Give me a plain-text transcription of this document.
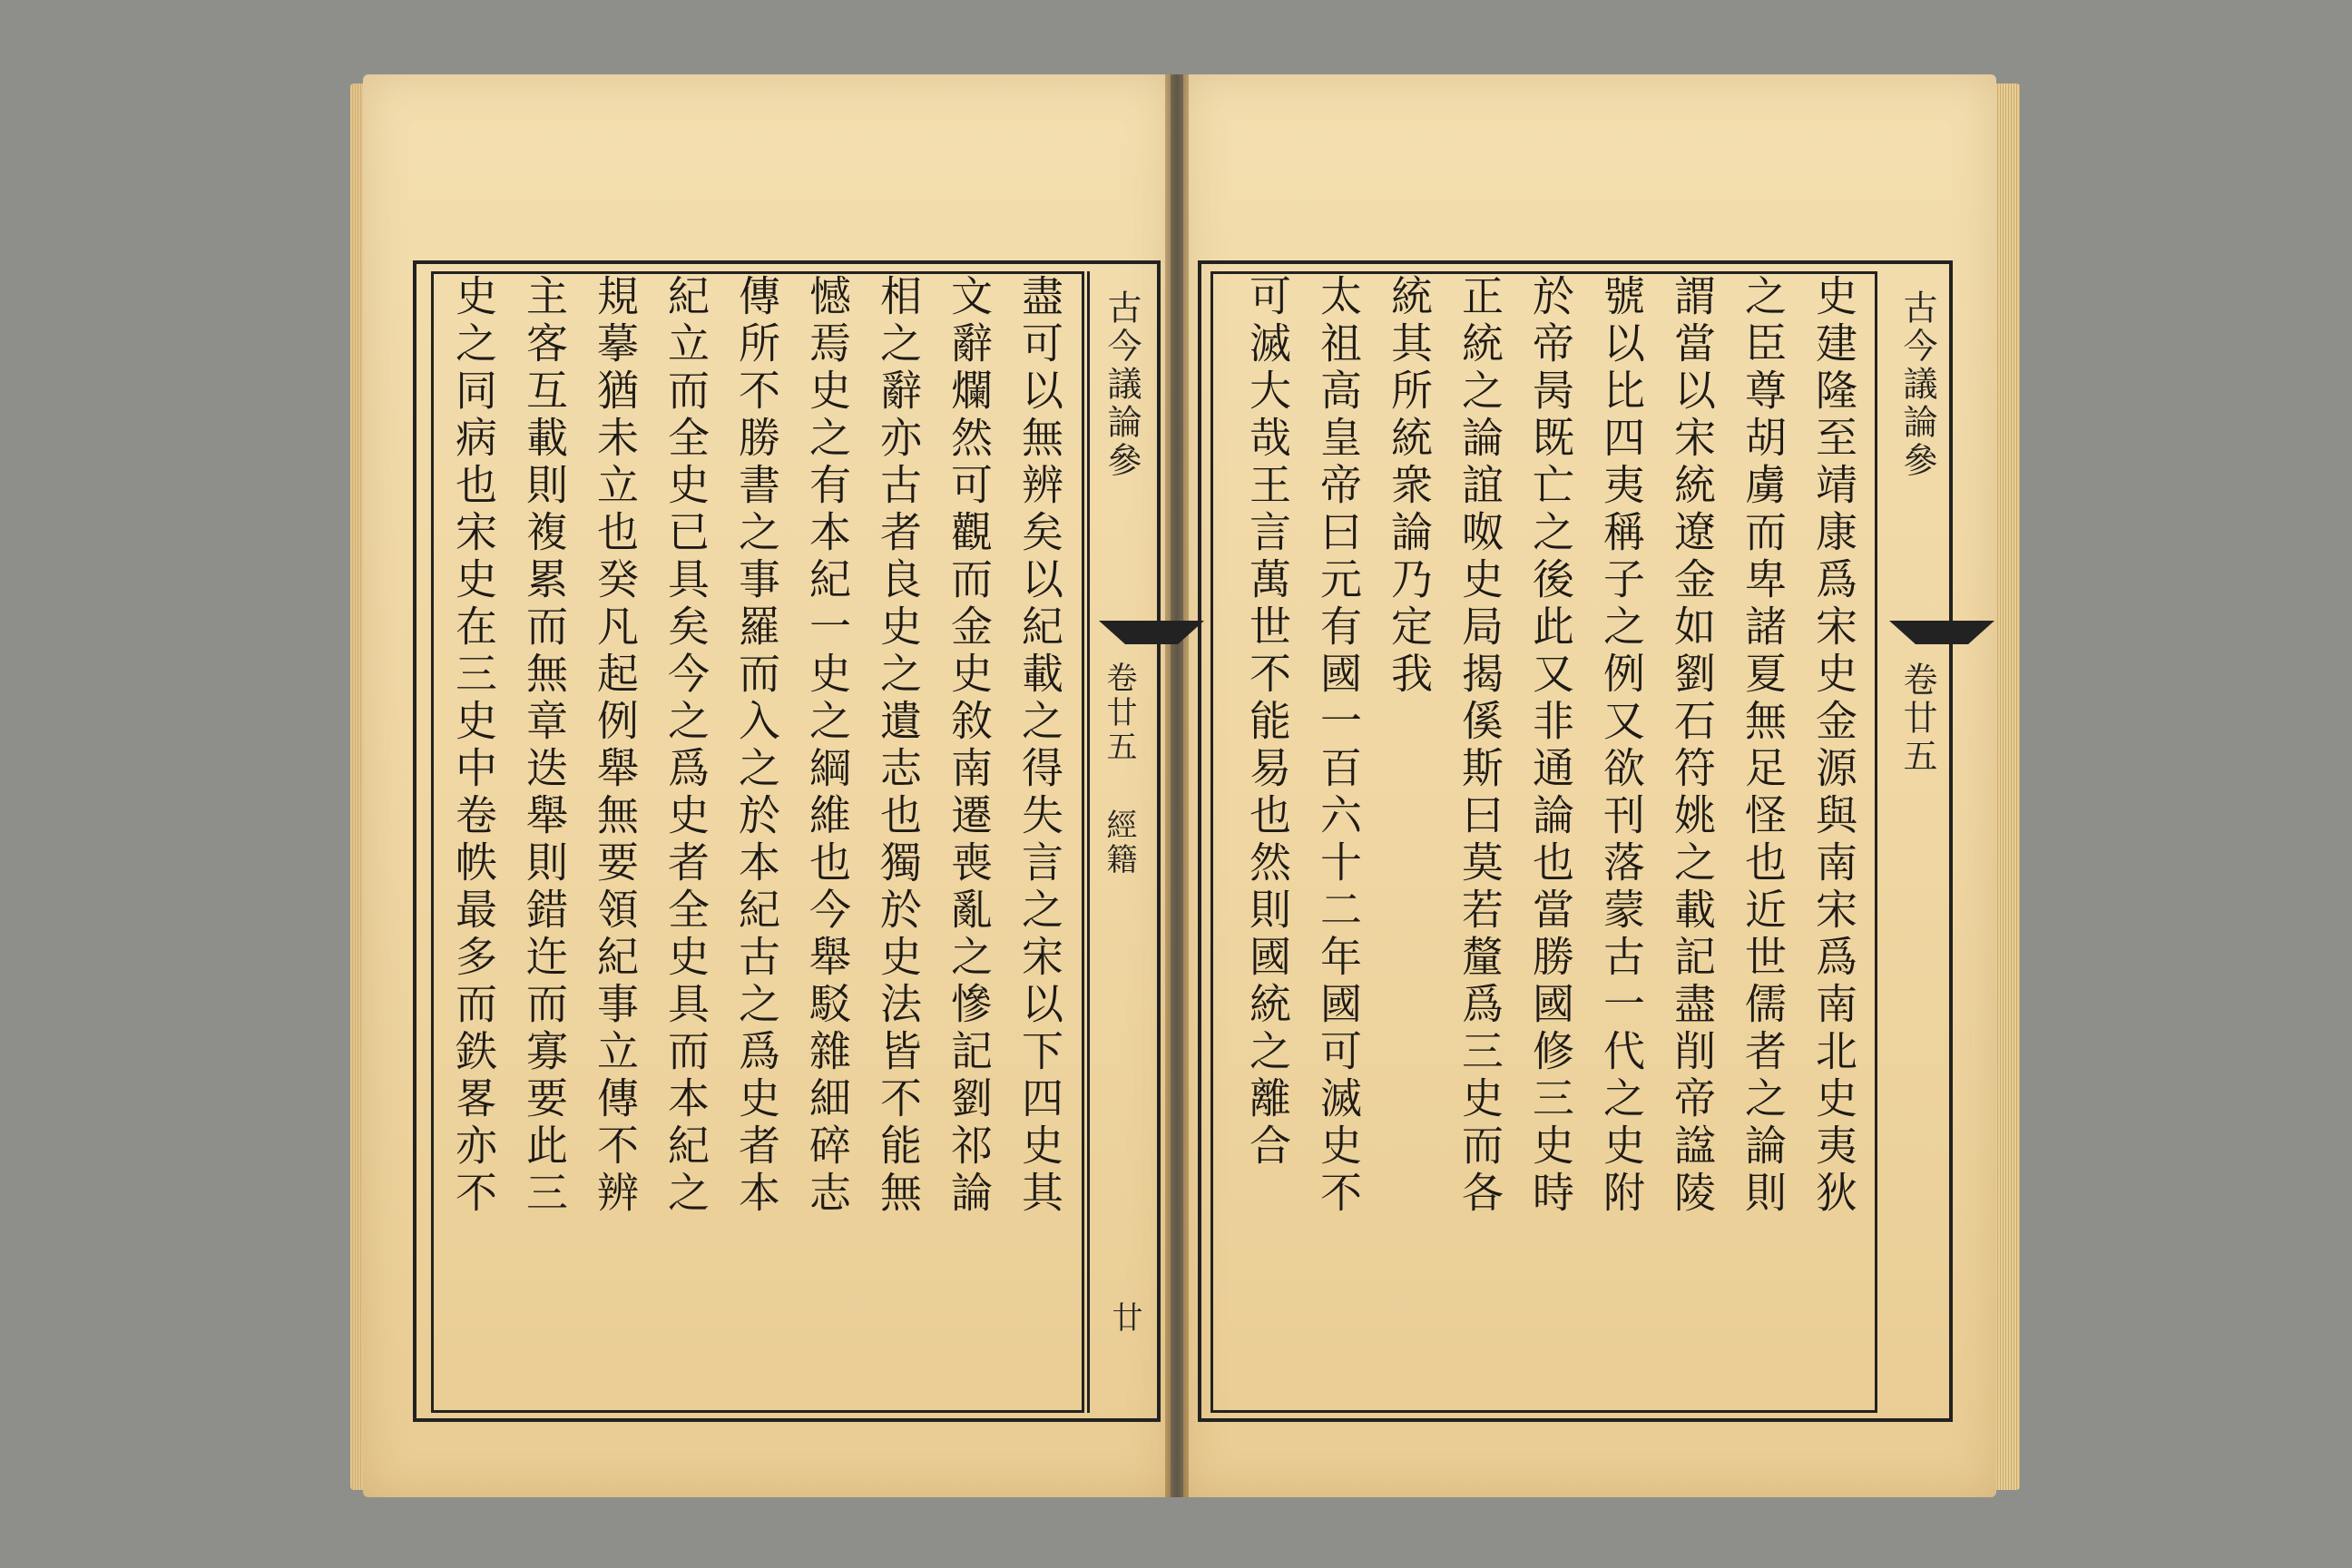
盡可以無辨矣以紀載之得失言之宋以下四史其
文辭爛然可觀而金史敘南遷喪亂之慘記劉祁論
相之辭亦古者良史之遺志也獨於史法皆不能無
憾焉史之有本紀一史之綱維也今舉駁雜細碎志
傳所不勝書之事羅而入之於本紀古之爲史者本
紀立而全史已具矣今之爲史者全史具而本紀之
規摹猶未立也癸凡起例舉無要領紀事立傳不辨
主客互載則複累而無章迭舉則錯迕而寡要此三
史之同病也宋史在三史中卷帙最多而鉄畧亦不	古今議論參
卷廿五 經籍
廿
史建隆至靖康爲宋史金源與南宋爲南北史夷狄
之臣尊胡虜而卑諸夏無足怪也近世儒者之論則
謂當以宋統遼金如劉石符姚之載記盡削帝諡陵
號以比四夷稱子之例又欲刊落蒙古一代之史附
於帝昺既亡之後此又非通論也當勝國修三史時
正統之論誼呶史局揭傒斯曰莫若釐爲三史而各
統其所統衆論乃定我
太祖高皇帝曰元有國一百六十二年國可滅史不
可滅大哉王言萬世不能易也然則國統之離合	古今議論參
卷廿五
